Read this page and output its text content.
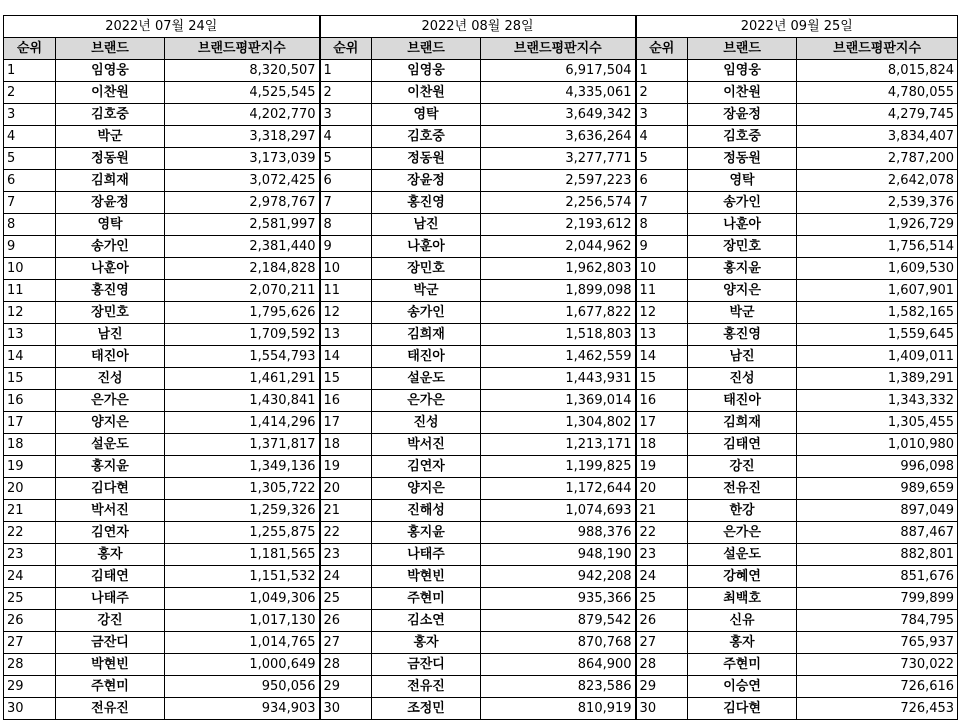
2022년 07월 24일			2022년 08월 28일			2022년 09월 25일		
순위	브랜드	브랜드평판지수	순위	브랜드	브랜드평판지수	순위	브랜드	브랜드평판지수
1	임영웅	8,320,507	1	임영웅	6,917,504	1	임영웅	8,015,824
2	이찬원	4,525,545	2	이찬원	4,335,061	2	이찬원	4,780,055
3	김호중	4,202,770	3	영탁	3,649,342	3	장윤정	4,279,745
4	박군	3,318,297	4	김호중	3,636,264	4	김호중	3,834,407
5	정동원	3,173,039	5	정동원	3,277,771	5	정동원	2,787,200
6	김희재	3,072,425	6	장윤정	2,597,223	6	영탁	2,642,078
7	장윤정	2,978,767	7	홍진영	2,256,574	7	송가인	2,539,376
8	영탁	2,581,997	8	남진	2,193,612	8	나훈아	1,926,729
9	송가인	2,381,440	9	나훈아	2,044,962	9	장민호	1,756,514
10	나훈아	2,184,828	10	장민호	1,962,803	10	홍지윤	1,609,530
11	홍진영	2,070,211	11	박군	1,899,098	11	양지은	1,607,901
12	장민호	1,795,626	12	송가인	1,677,822	12	박군	1,582,165
13	남진	1,709,592	13	김희재	1,518,803	13	홍진영	1,559,645
14	태진아	1,554,793	14	태진아	1,462,559	14	남진	1,409,011
15	진성	1,461,291	15	설운도	1,443,931	15	진성	1,389,291
16	은가은	1,430,841	16	은가은	1,369,014	16	태진아	1,343,332
17	양지은	1,414,296	17	진성	1,304,802	17	김희재	1,305,455
18	설운도	1,371,817	18	박서진	1,213,171	18	김태연	1,010,980
19	홍지윤	1,349,136	19	김연자	1,199,825	19	강진	996,098
20	김다현	1,305,722	20	양지은	1,172,644	20	전유진	989,659
21	박서진	1,259,326	21	진해성	1,074,693	21	한강	897,049
22	김연자	1,255,875	22	홍지윤	988,376	22	은가은	887,467
23	홍자	1,181,565	23	나태주	948,190	23	설운도	882,801
24	김태연	1,151,532	24	박현빈	942,208	24	강혜연	851,676
25	나태주	1,049,306	25	주현미	935,366	25	최백호	799,899
26	강진	1,017,130	26	김소연	879,542	26	신유	784,795
27	금잔디	1,014,765	27	홍자	870,768	27	홍자	765,937
28	박현빈	1,000,649	28	금잔디	864,900	28	주현미	730,022
29	주현미	950,056	29	전유진	823,586	29	이승연	726,616
30	전유진	934,903	30	조정민	810,919	30	김다현	726,453
